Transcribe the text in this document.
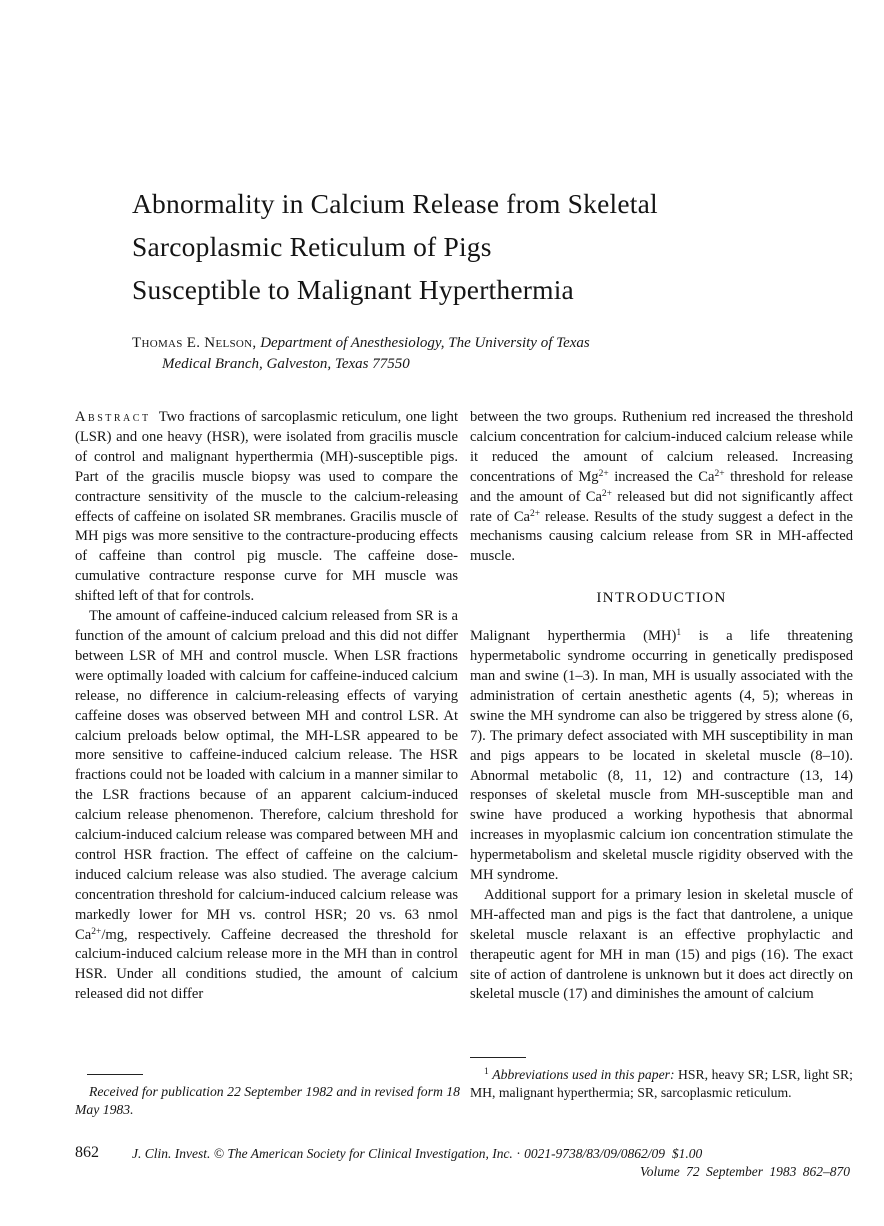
Abnormality in Calcium Release from Skeletal
Sarcoplasmic Reticulum of Pigs
Susceptible to Malignant Hyperthermia
Thomas E. Nelson, Department of Anesthesiology, The University of Texas
Medical Branch, Galveston, Texas 77550

Abstract Two fractions of sarcoplasmic reticulum, one light (LSR) and one heavy (HSR), were isolated from gracilis muscle of control and malignant hyperthermia (MH)-susceptible pigs. Part of the gracilis muscle biopsy was used to compare the contracture sensitivity of the muscle to the calcium-releasing effects of caffeine on isolated SR membranes. Gracilis muscle of MH pigs was more sensitive to the contracture-producing effects of caffeine than control pig muscle. The caffeine dose-cumulative contracture response curve for MH muscle was shifted left of that for controls.

The amount of caffeine-induced calcium released from SR is a function of the amount of calcium preload and this did not differ between LSR of MH and control muscle. When LSR fractions were optimally loaded with calcium for caffeine-induced calcium release, no difference in calcium-releasing effects of varying caffeine doses was observed between MH and control LSR. At calcium preloads below optimal, the MH-LSR appeared to be more sensitive to caffeine-induced calcium release. The HSR fractions could not be loaded with calcium in a manner similar to the LSR fractions because of an apparent calcium-induced calcium release phenomenon. Therefore, calcium threshold for calcium-induced calcium release was compared between MH and control HSR fraction. The effect of caffeine on the calcium-induced calcium release was also studied. The average calcium concentration threshold for calcium-induced calcium release was markedly lower for MH vs. control HSR; 20 vs. 63 nmol $Ca^{2+}/mg$, respectively. Caffeine decreased the threshold for calcium-induced calcium release more in the MH than in control HSR. Under all conditions studied, the amount of calcium released did not differ

between the two groups. Ruthenium red increased the threshold calcium concentration for calcium-induced calcium release while it reduced the amount of calcium released. Increasing concentrations of $Mg^{2+}$ increased the $Ca^{2+}$ threshold for release and the amount of $Ca^{2+}$ released but did not significantly affect rate of $Ca^{2+}$ release. Results of the study suggest a defect in the mechanisms causing calcium release from SR in MH-affected muscle.

INTRODUCTION

Malignant hyperthermia (MH)$^1$ is a life threatening hypermetabolic syndrome occurring in genetically predisposed man and swine (1–3). In man, MH is usually associated with the administration of certain anesthetic agents (4, 5); whereas in swine the MH syndrome can also be triggered by stress alone (6, 7). The primary defect associated with MH susceptibility in man and pigs appears to be located in skeletal muscle (8–10). Abnormal metabolic (8, 11, 12) and contracture (13, 14) responses of skeletal muscle from MH-susceptible man and swine have produced a working hypothesis that abnormal increases in myoplasmic calcium ion concentration stimulate the hypermetabolism and skeletal muscle rigidity observed with the MH syndrome.

Additional support for a primary lesion in skeletal muscle of MH-affected man and pigs is the fact that dantrolene, a unique skeletal muscle relaxant is an effective prophylactic and therapeutic agent for MH in man (15) and pigs (16). The exact site of action of dantrolene is unknown but it does act directly on skeletal muscle (17) and diminishes the amount of calcium

Received for publication 22 September 1982 and in revised form 18 May 1983.

$^1$ Abbreviations used in this paper: HSR, heavy SR; LSR, light SR; MH, malignant hyperthermia; SR, sarcoplasmic reticulum.

862 J. Clin. Invest. © The American Society for Clinical Investigation, Inc. · 0021-9738/83/09/0862/09 $1.00
Volume 72 September 1983 862–870
